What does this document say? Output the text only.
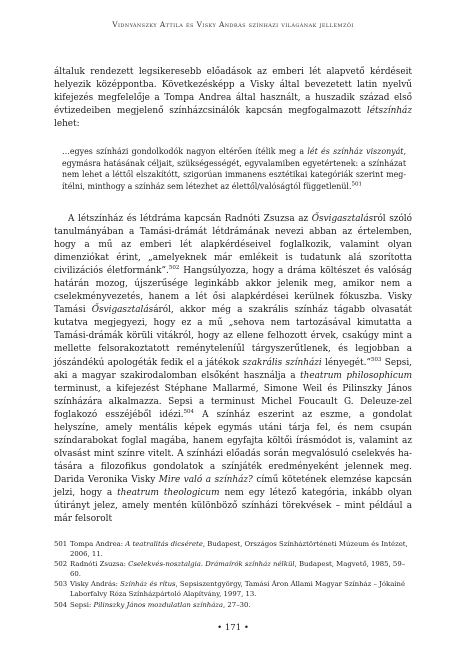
Vidnyánszky Attila és Visky András színházi világának jellemzői
általuk rendezett legsikeresebb előadások az emberi lét alapvető kérdéseit helyezik középpontba. Következésképp a Visky által bevezetett latin nyelvű kifejezés megfelelője a Tompa Andrea által használt, a huszadik század első évtizedeiben megjelenő színházcsinálók kapcsán megfogalmazott létszínház lehet:
…egyes színházi gondolkodók nagyon eltérően ítélik meg a lét és színház viszonyát, egymásra hatásának céljait, szükségességét, egyvalamiben egyetértenek: a színházat nem lehet a léttől elszakítótt, szigorúan immanens esztétikai kategóriák szerint megítélni, minthogy a színház sem létezhet az élettől/valóságtól függetlenül.$^{501}$
A létszínház és létdráma kapcsán Radnóti Zsuzsa az Ősvigasztalásról szóló tanulmányában a Tamási-drámát létdrámának nevezi abban az értelemben, hogy a mű az emberi lét alapkérdéseivel foglalkozik, valamint olyan dimenziókat érint, „amelyeknek már emlékeit is tudatunk alá szorította civilizációs életformánk”.$^{502}$ Hangsúlyozza, hogy a dráma költészet és valóság határán mozog, újszerűsége leginkább akkor jelenik meg, amikor nem a cselekményvezetés, hanem a lét ősi alapkérdései kerülnek fókuszba. Visky Tamási Ősvigasztalásáról, akkor még a szakrális színház tágabb olvasatát kutatva megjegyezi, hogy ez a mű „sehova nem tartozásával kimutatta a Tamási-drámák körüli vitákról, hogy az ellene felhozott érvek, csakúgy mint a mellette felsorakoztatott reményteleníűl tárgyszerűtlenek, és legjobban a jószándékú apologéták fedik el a játékok szakrális színházi lényegét.”$^{503}$ Sepsi, aki a magyar szakirodalomban elsőként használja a theatrum philosophicum terminust, a kifejezést Stéphane Mallarmé, Simone Weil és Pilinszky János színházára alkalmazza. Sepsi a terminust Michel Foucault G. Deleuze-zel foglakozó esszéjéből idézi.$^{504}$ A színház eszerint az eszme, a gondolat helyszíne, amely mentális képek egymás utáni tárja fel, és nem csupán színdarabokat foglal magába, hanem egyfajta költői írásmódot is, valamint az olvasást mint színre vitelt. A színházi előadás során megvalósuló cselekvés hatására a filozofikus gondolatok a színjáték eredményeként jelennek meg. Darida Veronika Visky Mire való a színház? című kötetének elemzése kapcsán jelzi, hogy a theatrum theologicum nem egy létező kategória, inkább olyan útirányt jelez, amely mentén különböző színházi törekvések – mint például a már felsorolt
501 Tompa Andrea: A teatralitás dicsérete, Budapest, Országos Színháztörténeti Múzeum és Intézet, 2006, 11.
502 Radnóti Zsuzsa: Cselekvés-nosztalgia. Drámaírók színház nélkül, Budapest, Magvető, 1985, 59–60.
503 Visky András: Színház és rítus, Sepsiszentgyörgy, Tamási Áron Állami Magyar Színház – Jókainé Laborfalvy Róza Színházpártoló Alapítvány, 1997, 13.
504 Sepsi: Pilinszky János mozdulatlan színháza, 27–30.
• 171 •
